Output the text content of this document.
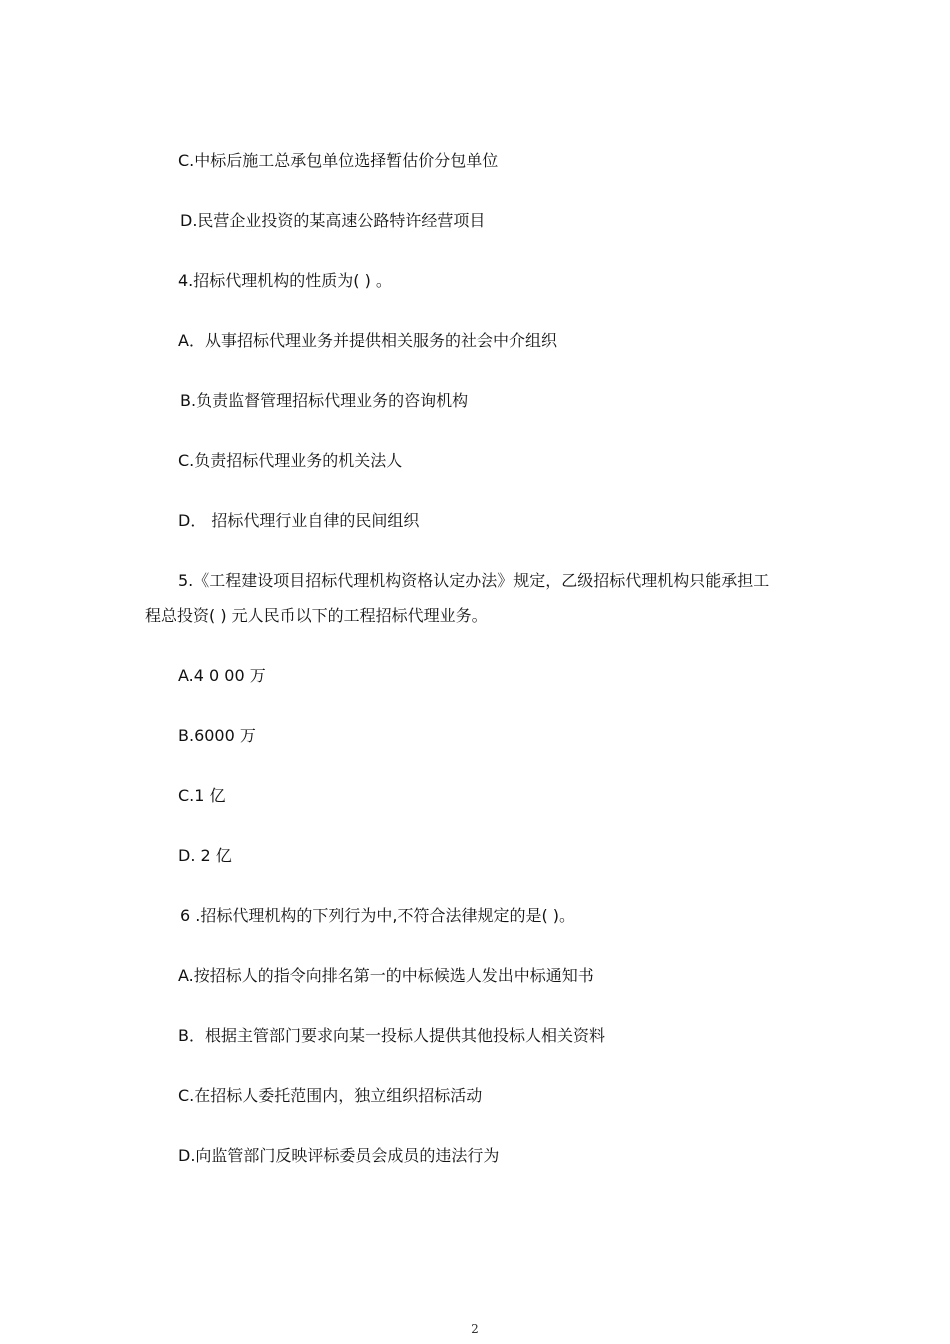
C.中标后施工总承包单位选择暂估价分包单位
D.民营企业投资的某高速公路特许经营项目
4.招标代理机构的性质为( ) 。
A．从事招标代理业务并提供相关服务的社会中介组织
B.负责监督管理招标代理业务的咨询机构
C.负责招标代理业务的机关法人
D． 招标代理行业自律的民间组织
5.《工程建设项目招标代理机构资格认定办法》规定，乙级招标代理机构只能承担工
程总投资( ) 元人民币以下的工程招标代理业务。
A.4 0 00 万
B.6000 万
C.1 亿
D. 2 亿
6 .招标代理机构的下列行为中,不符合法律规定的是( )。
A.按招标人的指令向排名第一的中标候选人发出中标通知书
B．根据主管部门要求向某一投标人提供其他投标人相关资料
C.在招标人委托范围内，独立组织招标活动
D.向监管部门反映评标委员会成员的违法行为
2
